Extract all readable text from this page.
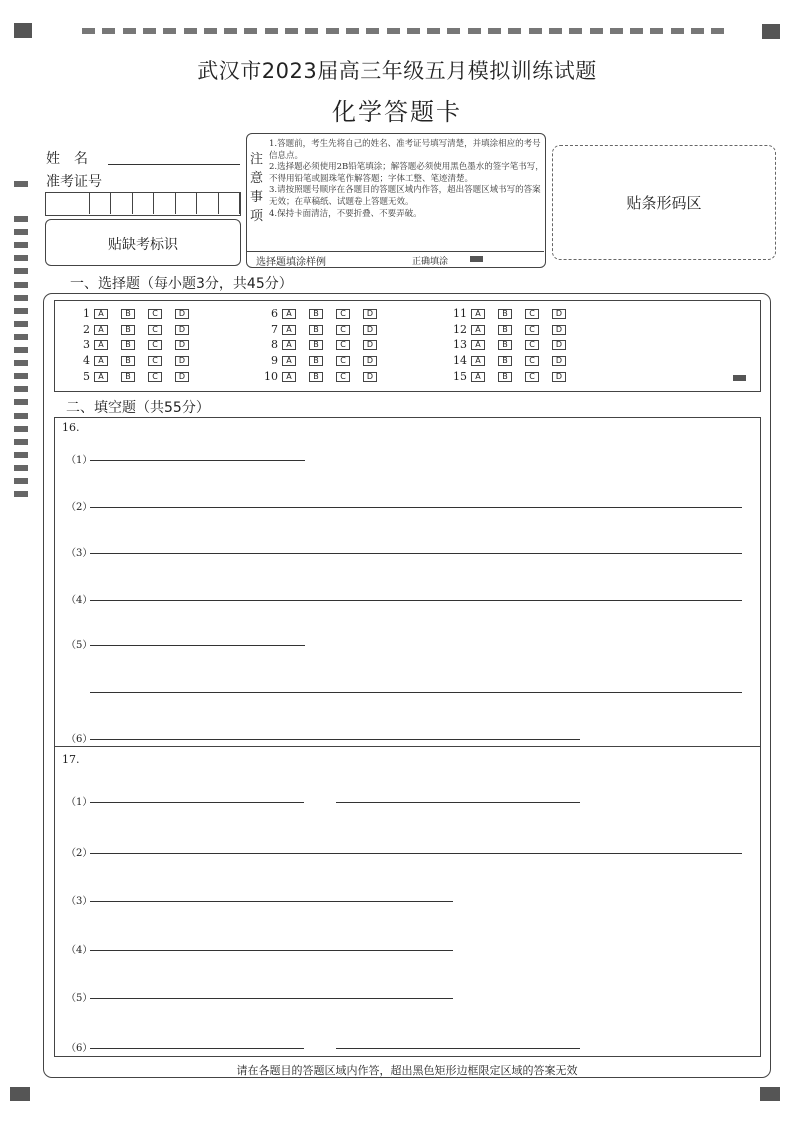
武汉市2023届高三年级五月模拟训练试题
化学答题卡
姓　名
准考证号
贴缺考标识
注
意
事
项
1.答题前，考生先将自己的姓名、准考证号填写清楚，并填涂相应的考号信息点。
2.选择题必须使用2B铅笔填涂；解答题必须使用黑色墨水的签字笔书写，不得用铅笔或圆珠笔作解答题；字体工整、笔迹清楚。
3.请按照题号顺序在各题目的答题区域内作答，超出答题区域书写的答案无效；在草稿纸、试题卷上答题无效。
4.保持卡面清洁，不要折叠、不要弄破。
选择题填涂样例	正确填涂
贴条形码区
一、选择题（每小题3分，共45分）
1 A	B	C	D
2 A	B	C	D
3 A	B	C	D
4 A	B	C	D
5 A	B	C	D
6 A	B	C	D
7 A	B	C	D
8 A	B	C	D
9 A	B	C	D
10 A	B	C	D
11 A	B	C	D
12 A	B	C	D
13 A	B	C	D
14 A	B	C	D
15 A	B	C	D
二、填空题（共55分）
16.
17.
（1）
（2）
（3）
（4）
（5）
（6）
（1）
（2）
（3）
（4）
（5）
（6）
请在各题目的答题区域内作答，超出黑色矩形边框限定区域的答案无效
